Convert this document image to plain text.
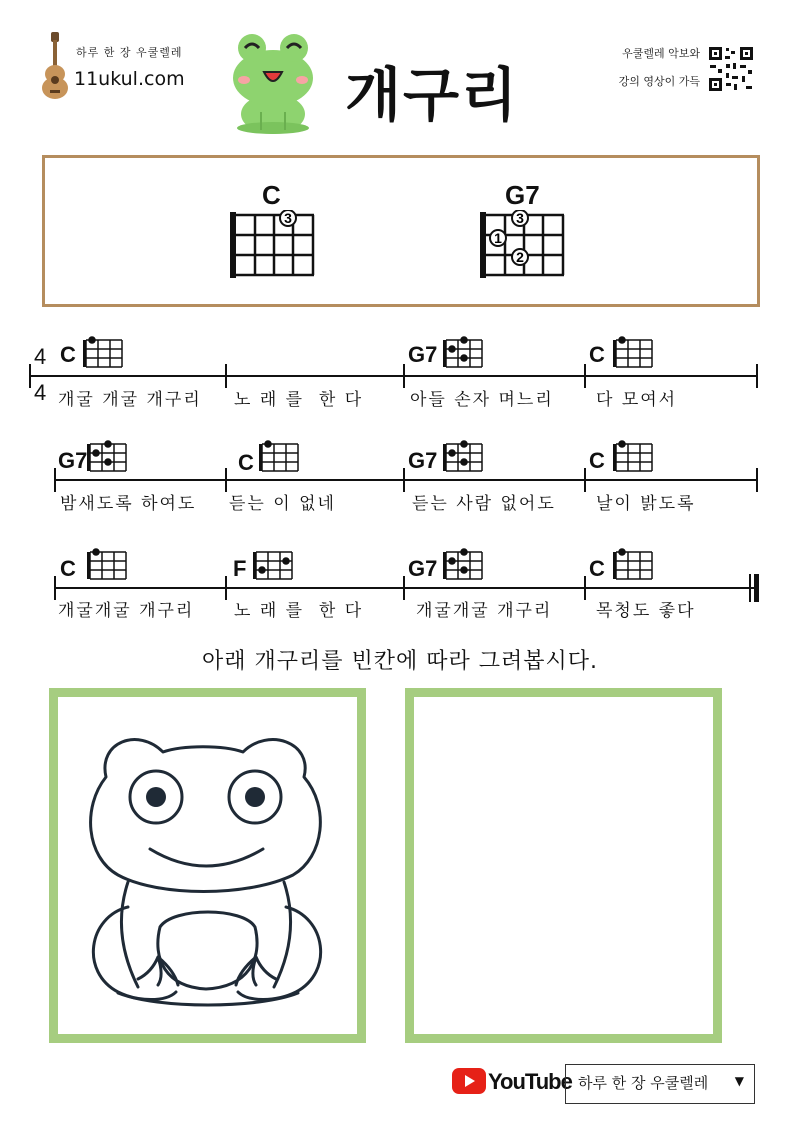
하루 한 장 우쿨렐레
11ukul.com	개구리
우쿨렐레 악보와
강의 영상이 가득
C
3
G7
3
1
2
4
4
C
개굴 개굴 개구리 노 래 를  한 다
G7
아들 손자 며느리
C
다 모여서
G7
밤새도록 하여도
C
듣는 이 없네
G7
듣는 사람 없어도
C
날이 밝도록
C
개굴개굴 개구리
F
노 래 를  한 다
G7
개굴개굴 개구리
C
목청도 좋다
아래 개구리를 빈칸에 따라 그려봅시다.
YouTube 하루 한 장 우쿨렐레 ▼
